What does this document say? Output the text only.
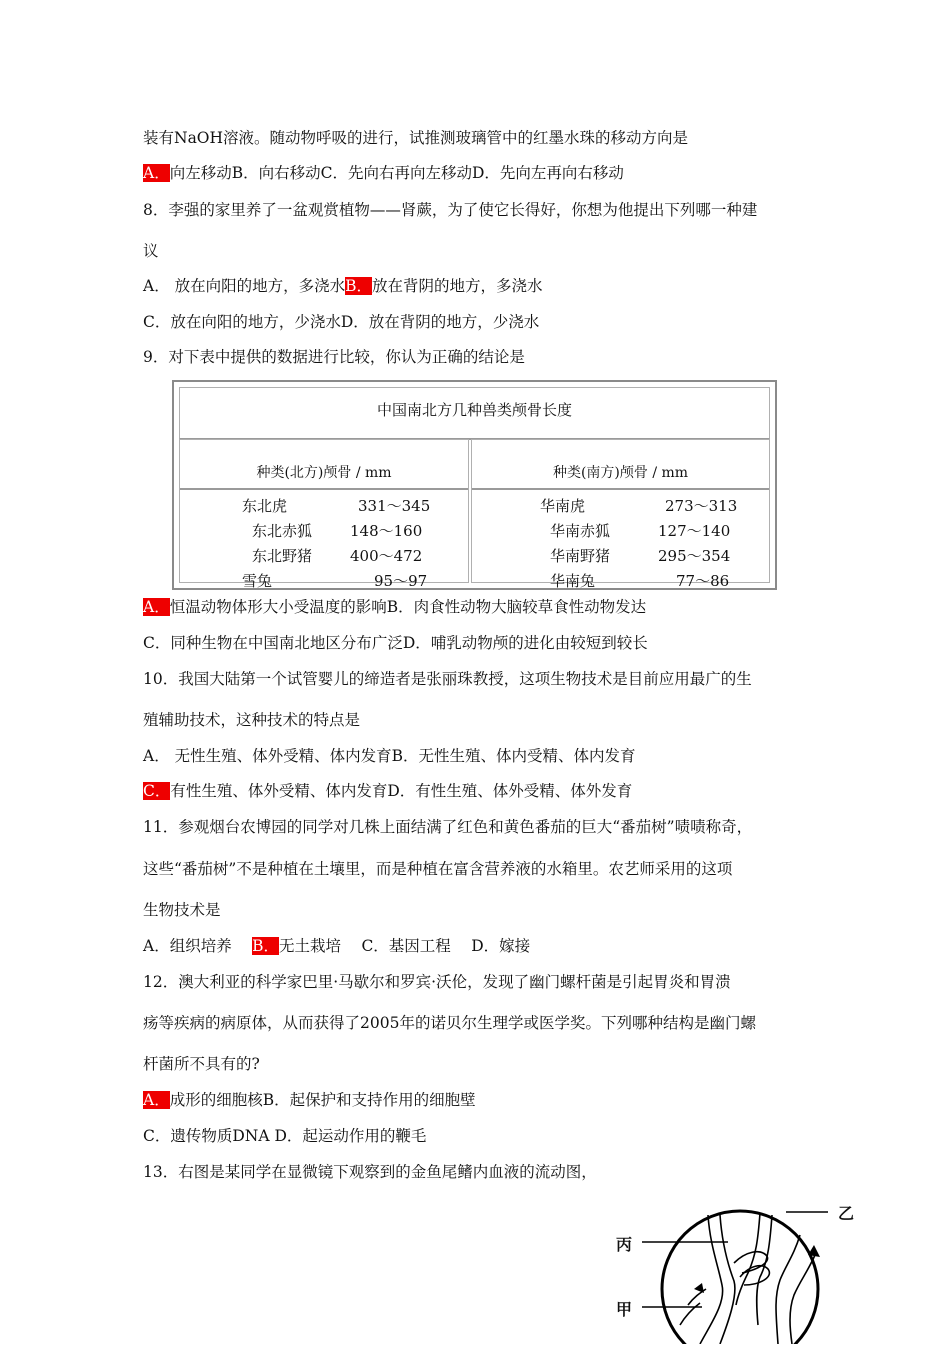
装有NaOH溶液。随动物呼吸的进行，试推测玻璃管中的红墨水珠的移动方向是
A．向左移动B．向右移动C．先向右再向左移动D．先向左再向右移动
8．李强的家里养了一盆观赏植物——肾蕨，为了使它长得好，你想为他提出下列哪一种建
议
A． 放在向阳的地方，多浇水B．放在背阴的地方，多浇水
C．放在向阳的地方，少浇水D．放在背阴的地方，少浇水
9．对下表中提供的数据进行比较，你认为正确的结论是
中国南北方几种兽类颅骨长度
种类(北方)颅骨 / mm
东北虎	331～345
东北赤狐	148～160
东北野猪	400～472
雪兔	95～97
种类(南方)颅骨 / mm
华南虎	273～313
华南赤狐	127～140
华南野猪	295～354
华南兔	77～86
A．恒温动物体形大小受温度的影响B．肉食性动物大脑较草食性动物发达
C．同种生物在中国南北地区分布广泛D．哺乳动物颅的进化由较短到较长
10．我国大陆第一个试管婴儿的缔造者是张丽珠教授，这项生物技术是目前应用最广的生
殖辅助技术，这种技术的特点是
A． 无性生殖、体外受精、体内发育B．无性生殖、体内受精、体内发育
C．有性生殖、体外受精、体内发育D．有性生殖、体外受精、体外发育
11．参观烟台农博园的同学对几株上面结满了红色和黄色番茄的巨大“番茄树”啧啧称奇，
这些“番茄树”不是种植在土壤里，而是种植在富含营养液的水箱里。农艺师采用的这项
生物技术是
A．组织培养　 B．无土栽培　 C．基因工程　 D．嫁接
12．澳大利亚的科学家巴里·马歇尔和罗宾·沃伦，发现了幽门螺杆菌是引起胃炎和胃溃
疡等疾病的病原体，从而获得了2005年的诺贝尔生理学或医学奖。下列哪种结构是幽门螺
杆菌所不具有的?
A．成形的细胞核B．起保护和支持作用的细胞壁
C．遗传物质DNA D．起运动作用的鞭毛
13．右图是某同学在显微镜下观察到的金鱼尾鳍内血液的流动图，
乙
丙
甲
